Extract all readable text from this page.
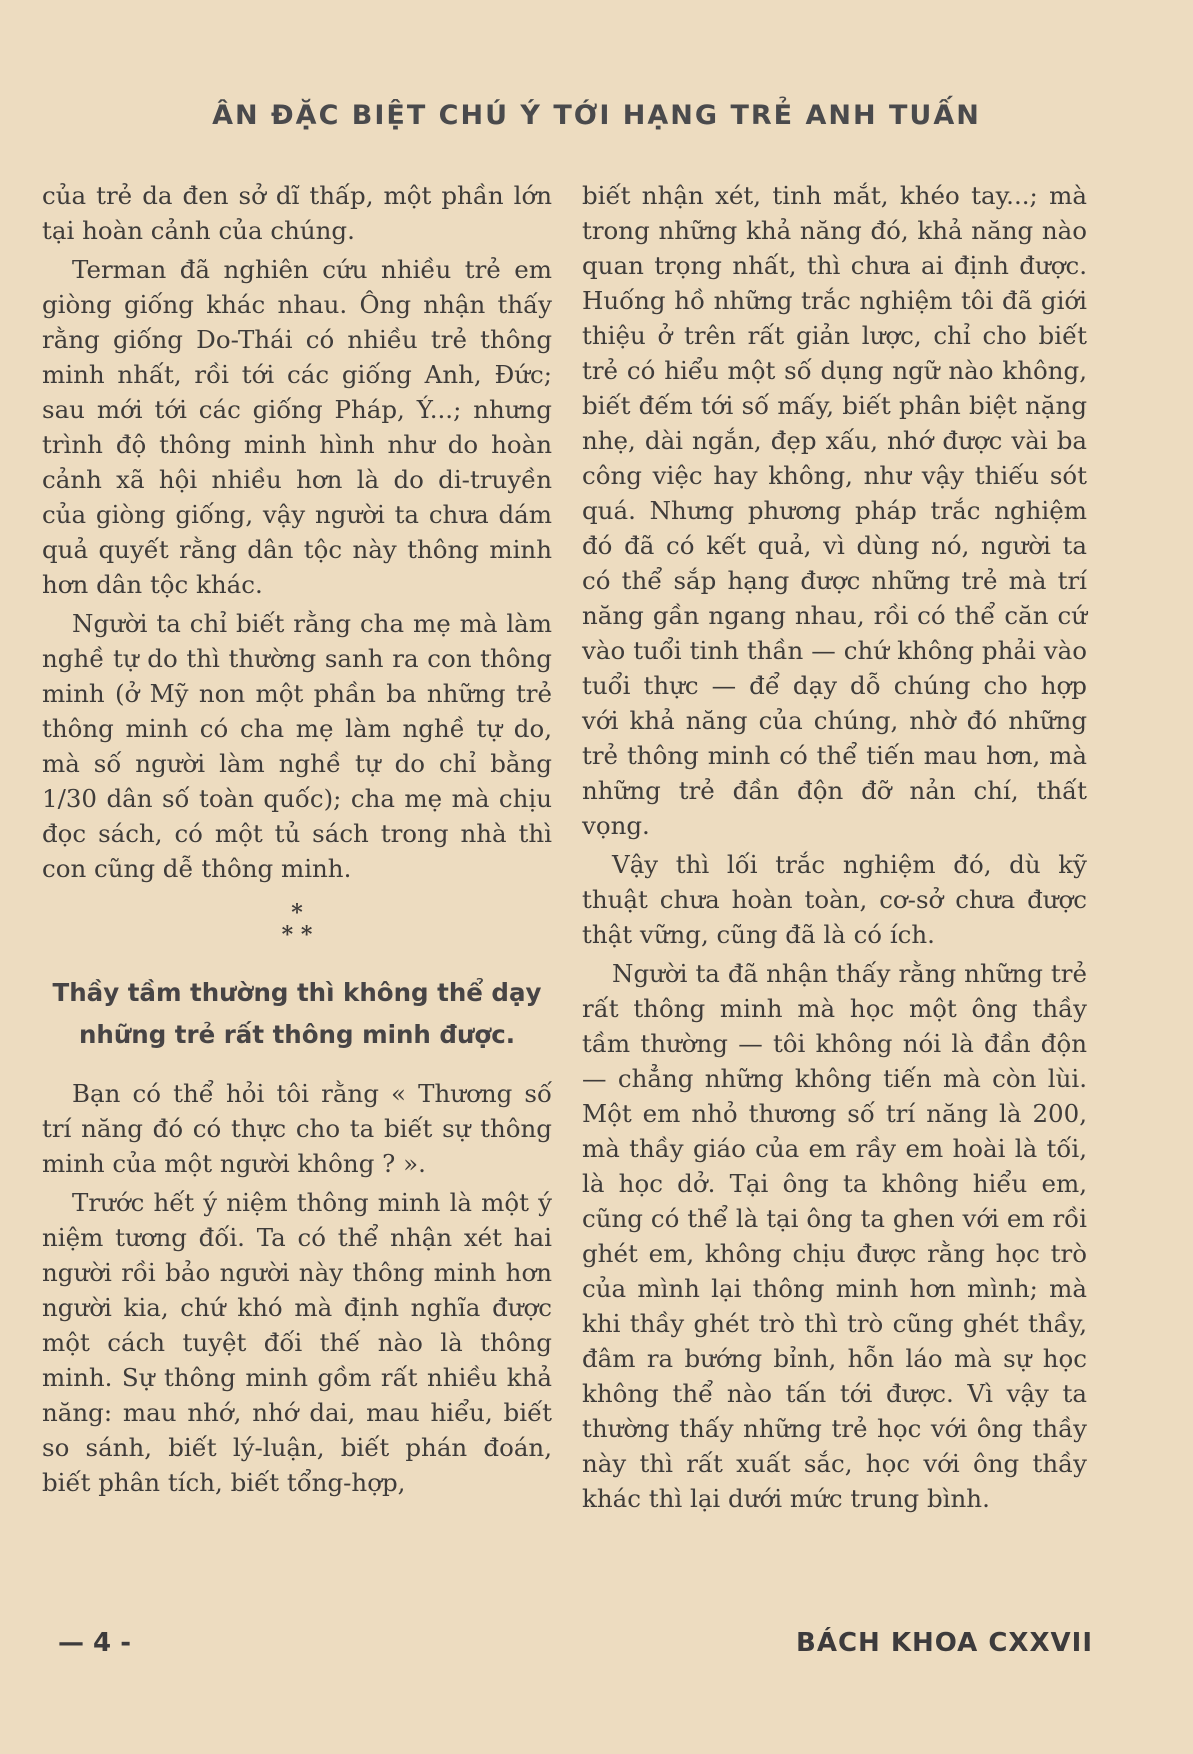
ÂN ĐẶC BIỆT CHÚ Ý TỚI HẠNG TRẺ ANH TUẤN

của trẻ da đen sở dĩ thấp, một phần lớn tại hoàn cảnh của chúng.

Terman đã nghiên cứu nhiều trẻ em giòng giống khác nhau. Ông nhận thấy rằng giống Do-Thái có nhiều trẻ thông minh nhất, rồi tới các giống Anh, Đức; sau mới tới các giống Pháp, Ý...; nhưng trình độ thông minh hình như do hoàn cảnh xã hội nhiều hơn là do di-truyền của giòng giống, vậy người ta chưa dám quả quyết rằng dân tộc này thông minh hơn dân tộc khác.

Người ta chỉ biết rằng cha mẹ mà làm nghề tự do thì thường sanh ra con thông minh (ở Mỹ non một phần ba những trẻ thông minh có cha mẹ làm nghề tự do, mà số người làm nghề tự do chỉ bằng 1/30 dân số toàn quốc); cha mẹ mà chịu đọc sách, có một tủ sách trong nhà thì con cũng dễ thông minh.

*
* *
Thầy tầm thường thì không thể dạy những trẻ rất thông minh được.

Bạn có thể hỏi tôi rằng « Thương số trí năng đó có thực cho ta biết sự thông minh của một người không ? ».

Trước hết ý niệm thông minh là một ý niệm tương đối. Ta có thể nhận xét hai người rồi bảo người này thông minh hơn người kia, chứ khó mà định nghĩa được một cách tuyệt đối thế nào là thông minh. Sự thông minh gồm rất nhiều khả năng: mau nhớ, nhớ dai, mau hiểu, biết so sánh, biết lý-luận, biết phán đoán, biết phân tích, biết tổng-hợp,

biết nhận xét, tinh mắt, khéo tay...; mà trong những khả năng đó, khả năng nào quan trọng nhất, thì chưa ai định được. Huống hồ những trắc nghiệm tôi đã giới thiệu ở trên rất giản lược, chỉ cho biết trẻ có hiểu một số dụng ngữ nào không, biết đếm tới số mấy, biết phân biệt nặng nhẹ, dài ngắn, đẹp xấu, nhớ được vài ba công việc hay không, như vậy thiếu sót quá. Nhưng phương pháp trắc nghiệm đó đã có kết quả, vì dùng nó, người ta có thể sắp hạng được những trẻ mà trí năng gần ngang nhau, rồi có thể căn cứ vào tuổi tinh thần — chứ không phải vào tuổi thực — để dạy dỗ chúng cho hợp với khả năng của chúng, nhờ đó những trẻ thông minh có thể tiến mau hơn, mà những trẻ đần độn đỡ nản chí, thất vọng.

Vậy thì lối trắc nghiệm đó, dù kỹ thuật chưa hoàn toàn, cơ-sở chưa được thật vững, cũng đã là có ích.

Người ta đã nhận thấy rằng những trẻ rất thông minh mà học một ông thầy tầm thường — tôi không nói là đần độn — chẳng những không tiến mà còn lùi. Một em nhỏ thương số trí năng là 200, mà thầy giáo của em rầy em hoài là tối, là học dở. Tại ông ta không hiểu em, cũng có thể là tại ông ta ghen với em rồi ghét em, không chịu được rằng học trò của mình lại thông minh hơn mình; mà khi thầy ghét trò thì trò cũng ghét thầy, đâm ra bướng bỉnh, hỗn láo mà sự học không thể nào tấn tới được. Vì vậy ta thường thấy những trẻ học với ông thầy này thì rất xuất sắc, học với ông thầy khác thì lại dưới mức trung bình.

— 4 -	BÁCH KHOA CXXVII
